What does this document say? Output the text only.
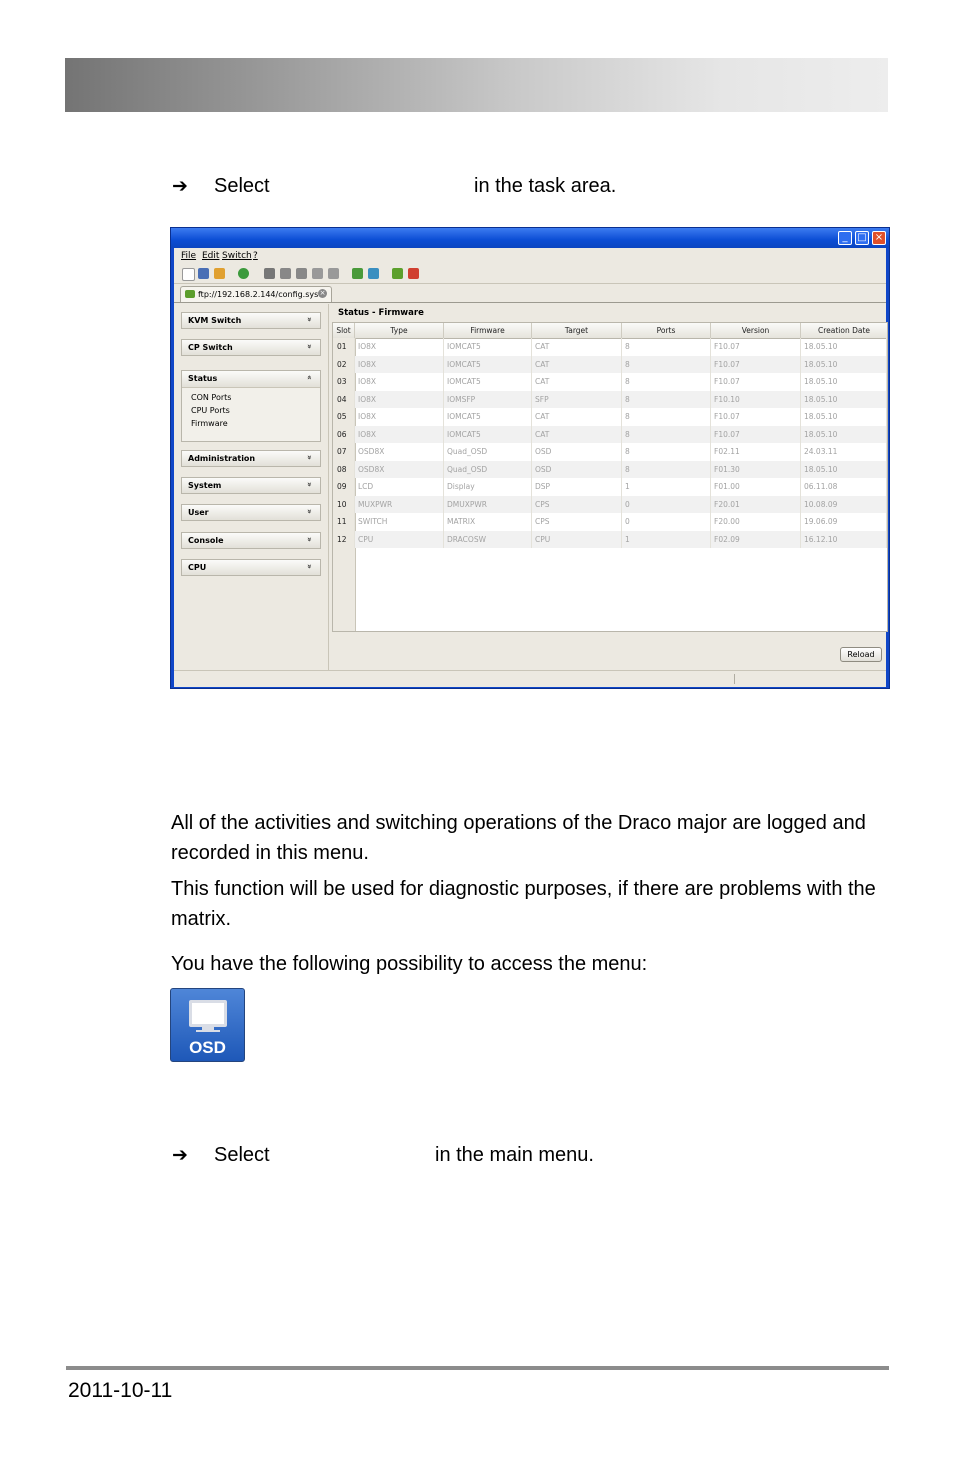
➔ Select	in the task area.
_ □ ×
File Edit Switch ?
ftp://192.168.2.144/config.sys ×
KVM Switch	»
CP Switch	»
Status	«
CON Ports
CPU Ports
Firmware
Administration	»
System	»
User	»
Console	»
CPU	»
Status - Firmware
Slot	Type	Firmware	Target	Ports	Version	Creation Date
01	IO8X	IOMCAT5	CAT	8	F10.07	18.05.10
02	IO8X	IOMCAT5	CAT	8	F10.07	18.05.10
03	IO8X	IOMCAT5	CAT	8	F10.07	18.05.10
04	IO8X	IOMSFP	SFP	8	F10.10	18.05.10
05	IO8X	IOMCAT5	CAT	8	F10.07	18.05.10
06	IO8X	IOMCAT5	CAT	8	F10.07	18.05.10
07	OSD8X	Quad_OSD	OSD	8	F02.11	24.03.11
08	OSD8X	Quad_OSD	OSD	8	F01.30	18.05.10
09	LCD	Display	DSP	1	F01.00	06.11.08
10	MUXPWR	DMUXPWR	CPS	0	F20.01	10.08.09
11	SWITCH	MATRIX	CPS	0	F20.00	19.06.09
12	CPU	DRACOSW	CPU	1	F02.09	16.12.10
Reload
All of the activities and switching operations of the Draco major are logged and recorded in this menu.
This function will be used for diagnostic purposes, if there are problems with the matrix.
You have the following possibility to access the menu:
OSD
➔ Select	in the main menu.
2011-10-11
